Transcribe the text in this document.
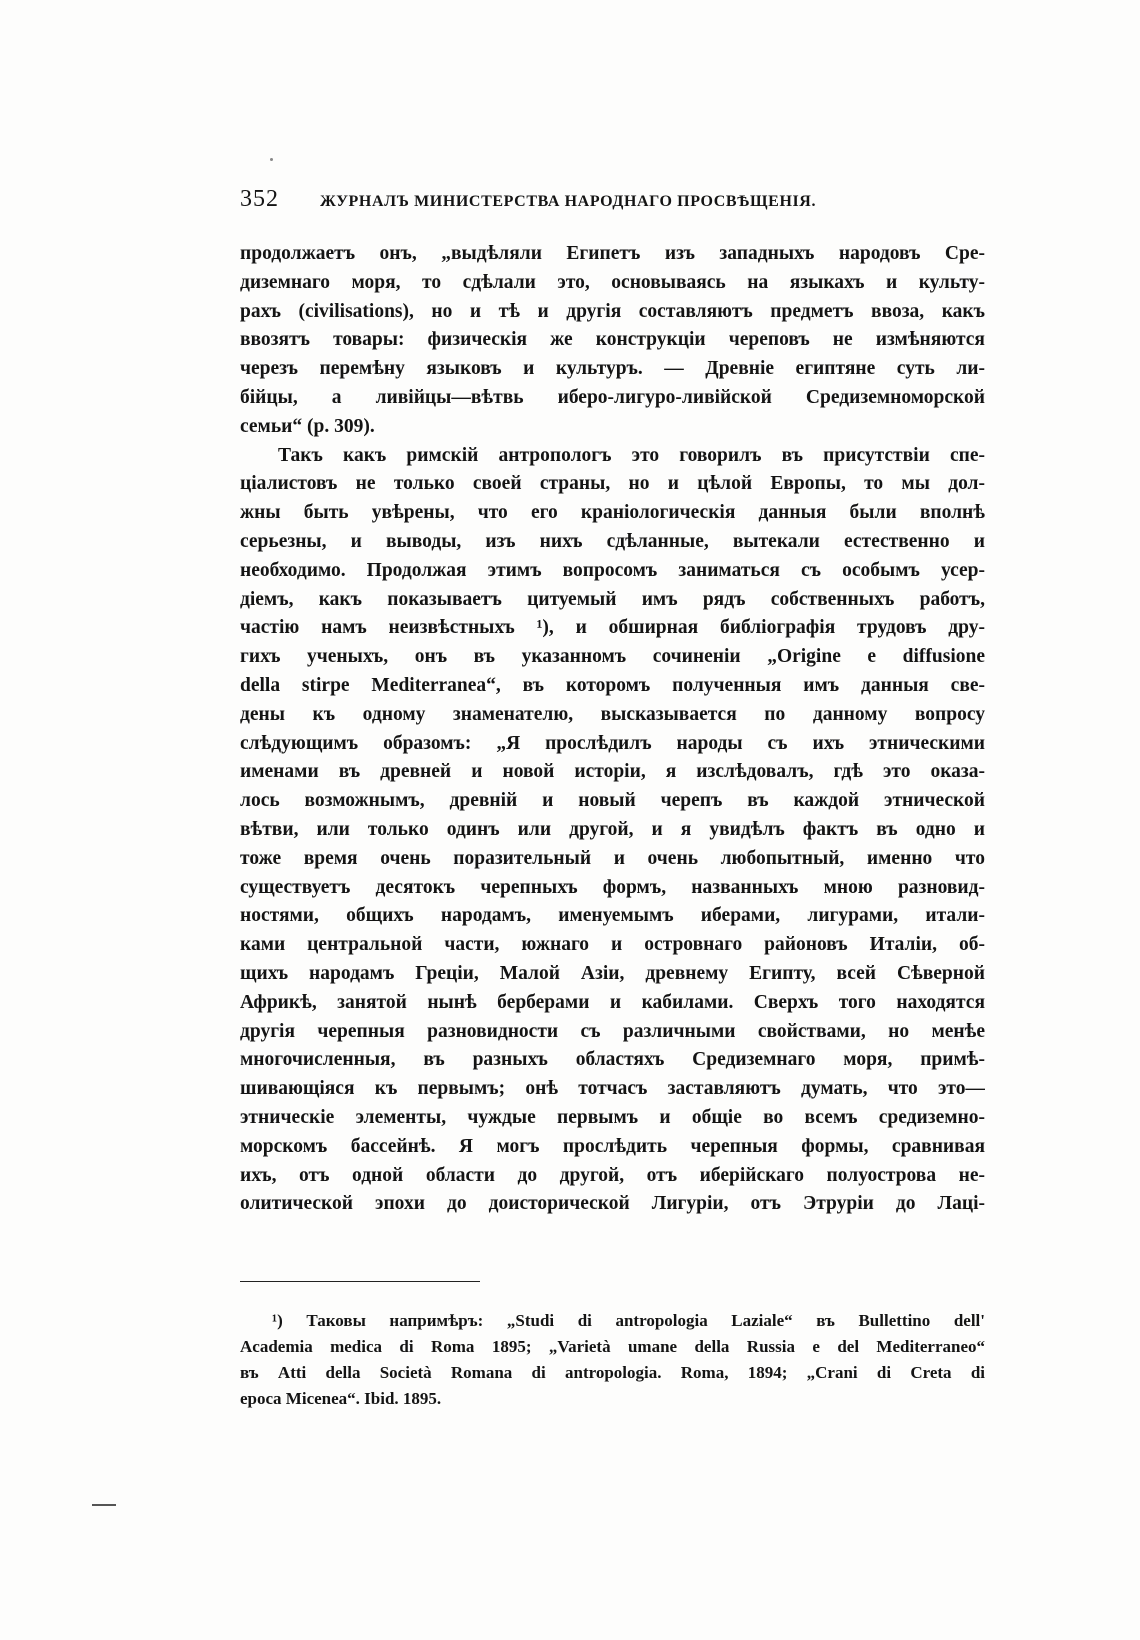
352	ЖУРНАЛЪ МИНИСТЕРСТВА НАРОДНАГО ПРОСВѢЩЕНІЯ.
продолжаетъ онъ, „выдѣляли Египетъ изъ западныхъ народовъ Сре-
диземнаго моря, то сдѣлали это, основываясь на языкахъ и культу-
рахъ (civilisations), но и тѣ и другія составляютъ предметъ ввоза, какъ
ввозятъ товары: физическія же конструкціи череповъ не измѣняются
черезъ перемѣну языковъ и культуръ. — Древніе египтяне суть ли-
бійцы, а ливійцы—вѣтвь иберо-лигуро-ливійской Средиземноморской
семьи“ (р. 309).
Такъ какъ римскій антропологъ это говорилъ въ присутствіи спе-
ціалистовъ не только своей страны, но и цѣлой Европы, то мы дол-
жны быть увѣрены, что его краніологическія данныя были вполнѣ
серьезны, и выводы, изъ нихъ сдѣланные, вытекали естественно и
необходимо. Продолжая этимъ вопросомъ заниматься съ особымъ усер-
діемъ, какъ показываетъ цитуемый имъ рядъ собственныхъ работъ,
частію намъ неизвѣстныхъ ¹), и обширная библіографія трудовъ дру-
гихъ ученыхъ, онъ въ указанномъ сочиненіи „Origine e diffusione
della stirpe Mediterranea“, въ которомъ полученныя имъ данныя све-
дены къ одному знаменателю, высказывается по данному вопросу
слѣдующимъ образомъ: „Я прослѣдилъ народы съ ихъ этническими
именами въ древней и новой исторіи, я изслѣдовалъ, гдѣ это оказа-
лось возможнымъ, древній и новый черепъ въ каждой этнической
вѣтви, или только одинъ или другой, и я увидѣлъ фактъ въ одно и
тоже время очень поразительный и очень любопытный, именно что
существуетъ десятокъ черепныхъ формъ, названныхъ мною разновид-
ностями, общихъ народамъ, именуемымъ иберами, лигурами, итали-
ками центральной части, южнаго и островнаго районовъ Италіи, об-
щихъ народамъ Греціи, Малой Азіи, древнему Египту, всей Сѣверной
Африкѣ, занятой нынѣ берберами и кабилами. Сверхъ того находятся
другія черепныя разновидности съ различными свойствами, но менѣе
многочисленныя, въ разныхъ областяхъ Средиземнаго моря, примѣ-
шивающіяся къ первымъ; онѣ тотчасъ заставляютъ думать, что это—
этническіе элементы, чуждые первымъ и общіе во всемъ средиземно-
морскомъ бассейнѣ. Я могъ прослѣдить черепныя формы, сравнивая
ихъ, отъ одной области до другой, отъ иберійскаго полуострова не-
олитической эпохи до доисторической Лигуріи, отъ Этруріи до Лаці-
¹) Таковы напримѣръ: „Studi di antropologia Laziale“ въ Bullettino dell'
Academia medica di Roma 1895; „Varietà umane della Russia e del Mediterraneo“
въ Atti della Società Romana di antropologia. Roma, 1894; „Crani di Creta di
epoca Micenea“. Ibid. 1895.
